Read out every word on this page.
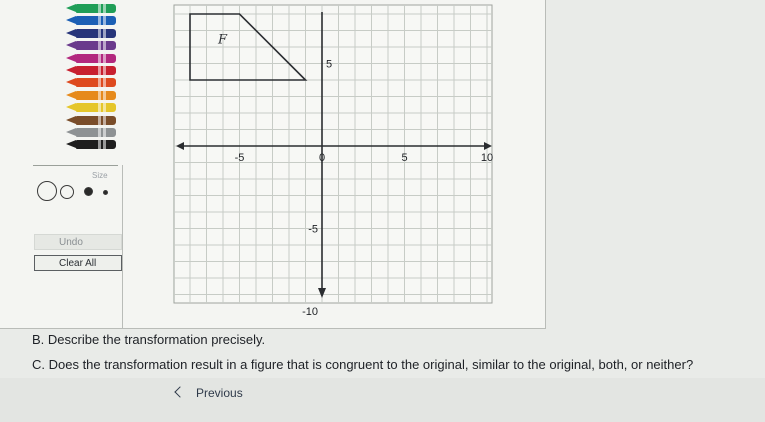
Size
Undo
Clear All
F
-5	0	5	10
5
-5
-10
B. Describe the transformation precisely.
C. Does the transformation result in a figure that is congruent to the original, similar to the original, both, or neither?
Previous
